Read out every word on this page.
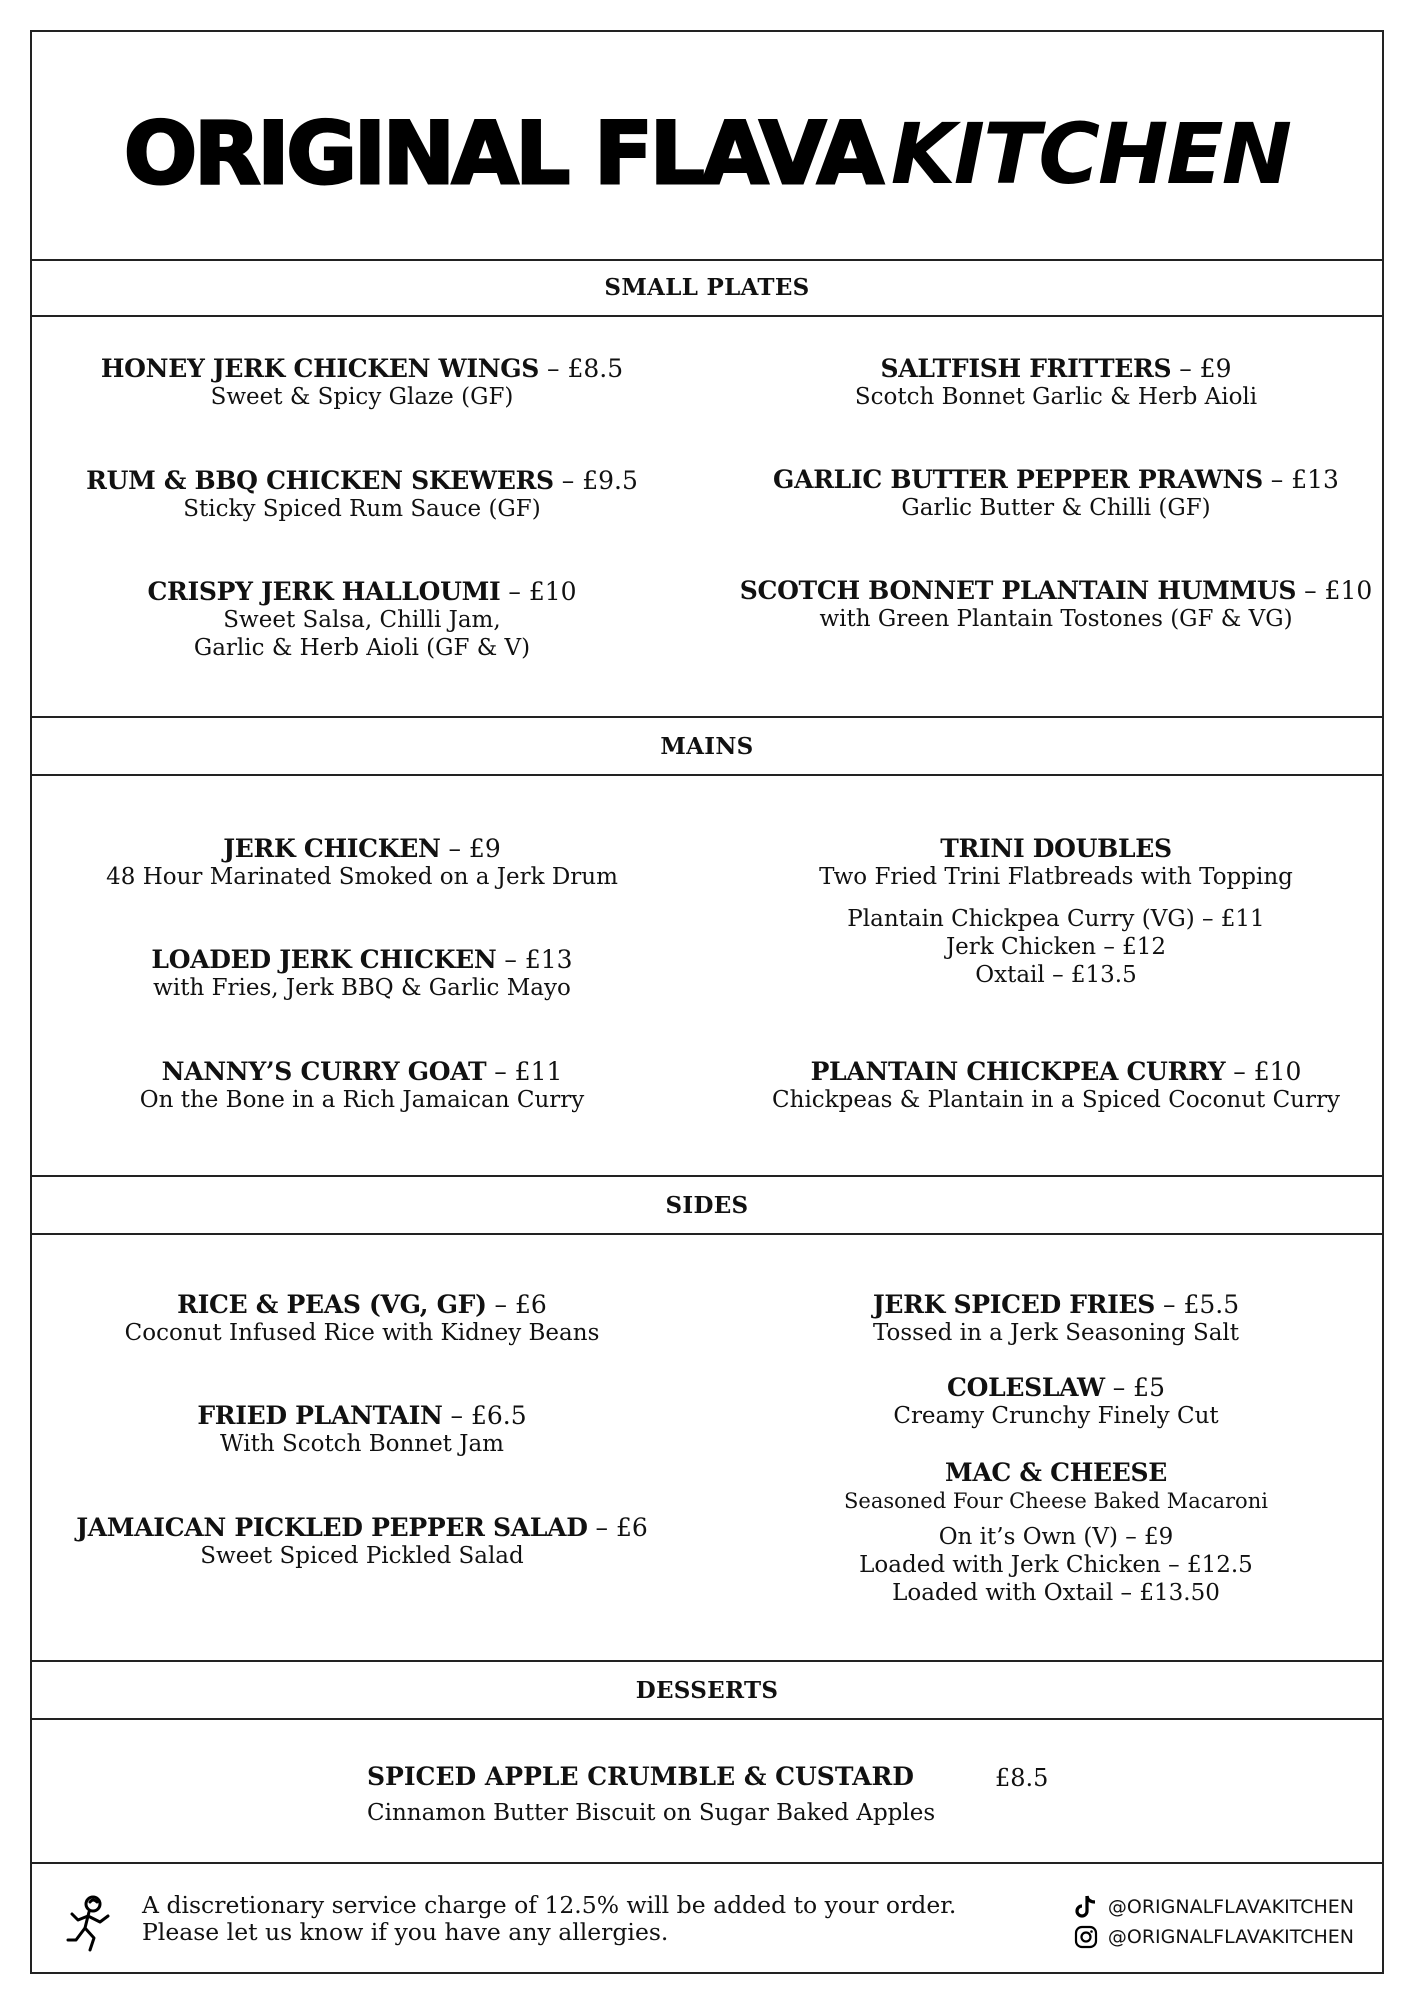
ORIGINAL FLAVA KITCHEN
SMALL PLATES
HONEY JERK CHICKEN WINGS – £8.5
Sweet & Spicy Glaze (GF)
RUM & BBQ CHICKEN SKEWERS – £9.5
Sticky Spiced Rum Sauce (GF)
CRISPY JERK HALLOUMI – £10
Sweet Salsa, Chilli Jam,
Garlic & Herb Aioli (GF & V)
SALTFISH FRITTERS – £9
Scotch Bonnet Garlic & Herb Aioli
GARLIC BUTTER PEPPER PRAWNS – £13
Garlic Butter & Chilli (GF)
SCOTCH BONNET PLANTAIN HUMMUS – £10
with Green Plantain Tostones (GF & VG)
MAINS
JERK CHICKEN – £9
48 Hour Marinated Smoked on a Jerk Drum
LOADED JERK CHICKEN – £13
with Fries, Jerk BBQ & Garlic Mayo
NANNY’S CURRY GOAT – £11
On the Bone in a Rich Jamaican Curry
TRINI DOUBLES
Two Fried Trini Flatbreads with Topping
Plantain Chickpea Curry (VG) – £11
Jerk Chicken – £12
Oxtail – £13.5
PLANTAIN CHICKPEA CURRY – £10
Chickpeas & Plantain in a Spiced Coconut Curry
SIDES
RICE & PEAS (VG, GF) – £6
Coconut Infused Rice with Kidney Beans
FRIED PLANTAIN – £6.5
With Scotch Bonnet Jam
JAMAICAN PICKLED PEPPER SALAD – £6
Sweet Spiced Pickled Salad
JERK SPICED FRIES – £5.5
Tossed in a Jerk Seasoning Salt
COLESLAW – £5
Creamy Crunchy Finely Cut
MAC & CHEESE
Seasoned Four Cheese Baked Macaroni
On it’s Own (V) – £9
Loaded with Jerk Chicken – £12.5
Loaded with Oxtail – £13.50
DESSERTS
SPICED APPLE CRUMBLE & CUSTARD	£8.5
Cinnamon Butter Biscuit on Sugar Baked Apples
A discretionary service charge of 12.5% will be added to your order.
Please let us know if you have any allergies.
@ORIGNALFLAVAKITCHEN
@ORIGNALFLAVAKITCHEN
